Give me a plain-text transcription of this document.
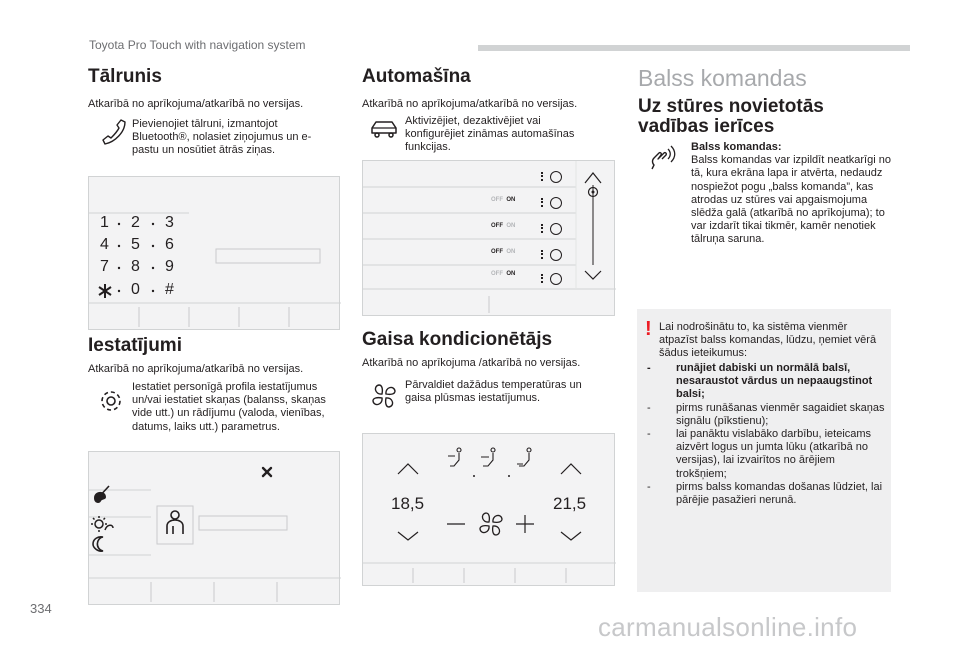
Toyota Pro Touch with navigation system
Tālrunis

Atkarībā no aprīkojuma/atkarībā no versijas.

Pievienojiet tālruni, izmantojot Bluetooth®, nolasiet ziņojumus un e-pastu un nosūtiet ātrās ziņas.

1 2 3
4 5 6
7 8 9
0 #
Iestatījumi

Atkarībā no aprīkojuma/atkarībā no versijas.

Iestatiet personīgā profila iestatījumus un/vai iestatiet skaņas (balanss, skaņas vide utt.) un rādījumu (valoda, vienības, datums, laiks utt.) parametrus.

Automašīna

Atkarībā no aprīkojuma/atkarībā no versijas.

Aktivizējiet, dezaktivējiet vai konfigurējiet zināmas automašīnas funkcijas.

OFF ON
OFF ON
OFF ON
OFF ON
Gaisa kondicionētājs

Atkarībā no aprīkojuma /atkarībā no versijas.

Pārvaldiet dažādus temperatūras un gaisa plūsmas iestatījumus.

18,5	21,5
Balss komandas
Uz stūres novietotās vadības ierīces
Balss komandas:
Balss komandas var izpildīt neatkarīgi no tā, kura ekrāna lapa ir atvērta, nedaudz nospiežot pogu „balss komanda”, kas atrodas uz stūres vai apgaismojuma slēdža galā (atkarībā no aprīkojuma); to var izdarīt tikai tikmēr, kamēr nenotiek tālruņa saruna.
! Lai nodrošinātu to, ka sistēma vienmēr atpazīst balss komandas, lūdzu, ņemiet vērā šādus ieteikumus:

- runājiet dabiski un normālā balsī, nesaraustot vārdus un nepaaugstinot balsi;
- pirms runāšanas vienmēr sagaidiet skaņas signālu (pīkstienu);
- lai panāktu vislabāko darbību, ieteicams aizvērt logus un jumta lūku (atkarībā no versijas), lai izvairītos no ārējiem trokšņiem;
- pirms balss komandas došanas lūdziet, lai pārējie pasažieri nerunā.
334
carmanualsonline.info
